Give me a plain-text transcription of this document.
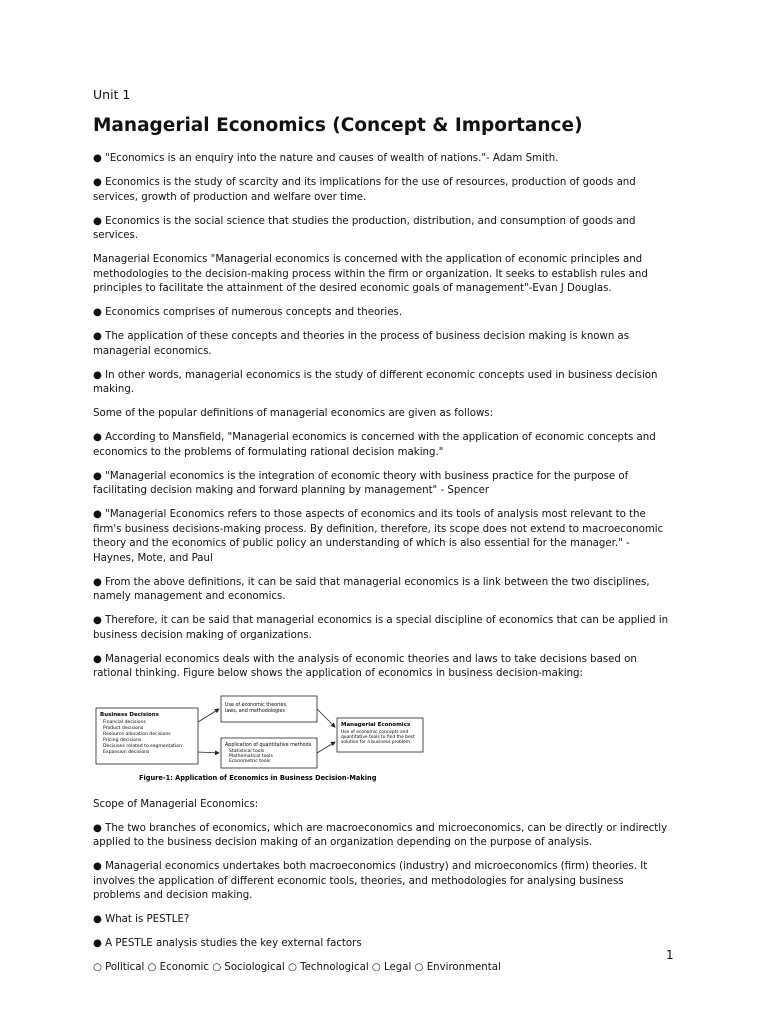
Unit 1
Managerial Economics (Concept & Importance)

● "Economics is an enquiry into the nature and causes of wealth of nations."- Adam Smith.

● Economics is the study of scarcity and its implications for the use of resources, production of goods and services, growth of production and welfare over time.

● Economics is the social science that studies the production, distribution, and consumption of goods and services.

Managerial Economics "Managerial economics is concerned with the application of economic principles and methodologies to the decision-making process within the firm or organization. It seeks to establish rules and principles to facilitate the attainment of the desired economic goals of management"-Evan J Douglas.

● Economics comprises of numerous concepts and theories.

● The application of these concepts and theories in the process of business decision making is known as managerial economics.

● In other words, managerial economics is the study of different economic concepts used in business decision making.

Some of the popular definitions of managerial economics are given as follows:

● According to Mansfield, "Managerial economics is concerned with the application of economic concepts and economics to the problems of formulating rational decision making."

● "Managerial economics is the integration of economic theory with business practice for the purpose of facilitating decision making and forward planning by management" - Spencer

● "Managerial Economics refers to those aspects of economics and its tools of analysis most relevant to the firm's business decisions-making process. By definition, therefore, its scope does not extend to macroeconomic theory and the economics of public policy an understanding of which is also essential for the manager." - Haynes, Mote, and Paul

● From the above definitions, it can be said that managerial economics is a link between the two disciplines, namely management and economics.

● Therefore, it can be said that managerial economics is a special discipline of economics that can be applied in business decision making of organizations.

● Managerial economics deals with the analysis of economic theories and laws to take decisions based on rational thinking. Figure below shows the application of economics in business decision-making:

Business Decisions
Financial decisions
Product decisions
Resource allocation decisions
Pricing decisions
Decisions related to segmentation
Expansion decisions
Use of economic theories,
laws, and methodologies
Application of quantitative methods
Statistical tools
Mathematical tools
Econometric tools
Managerial Economics
Use of economic concepts and
quantitative tools to find the best
solution for a business problem
Figure-1: Application of Economics in Business Decision-Making

Scope of Managerial Economics:

● The two branches of economics, which are macroeconomics and microeconomics, can be directly or indirectly applied to the business decision making of an organization depending on the purpose of analysis.

● Managerial economics undertakes both macroeconomics (industry) and microeconomics (firm) theories. It involves the application of different economic tools, theories, and methodologies for analysing business problems and decision making.

● What is PESTLE?

● A PESTLE analysis studies the key external factors

○ Political ○ Economic ○ Sociological ○ Technological ○ Legal ○ Environmental
1
